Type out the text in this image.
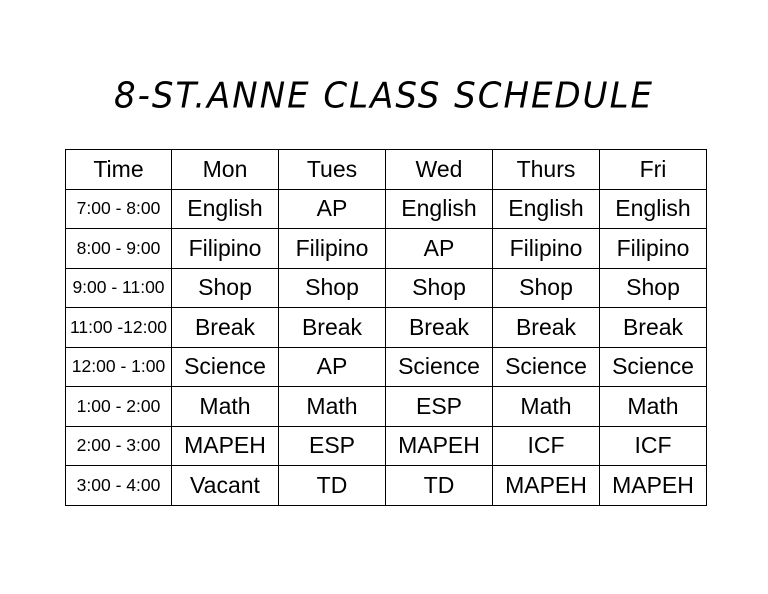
8-ST.ANNE CLASS SCHEDULE
Time	Mon	Tues	Wed	Thurs	Fri
7:00 - 8:00	English	AP	English	English	English
8:00 - 9:00	Filipino	Filipino	AP	Filipino	Filipino
9:00 - 11:00	Shop	Shop	Shop	Shop	Shop
11:00 -12:00	Break	Break	Break	Break	Break
12:00 - 1:00	Science	AP	Science	Science	Science
1:00 - 2:00	Math	Math	ESP	Math	Math
2:00 - 3:00	MAPEH	ESP	MAPEH	ICF	ICF
3:00 - 4:00	Vacant	TD	TD	MAPEH	MAPEH
